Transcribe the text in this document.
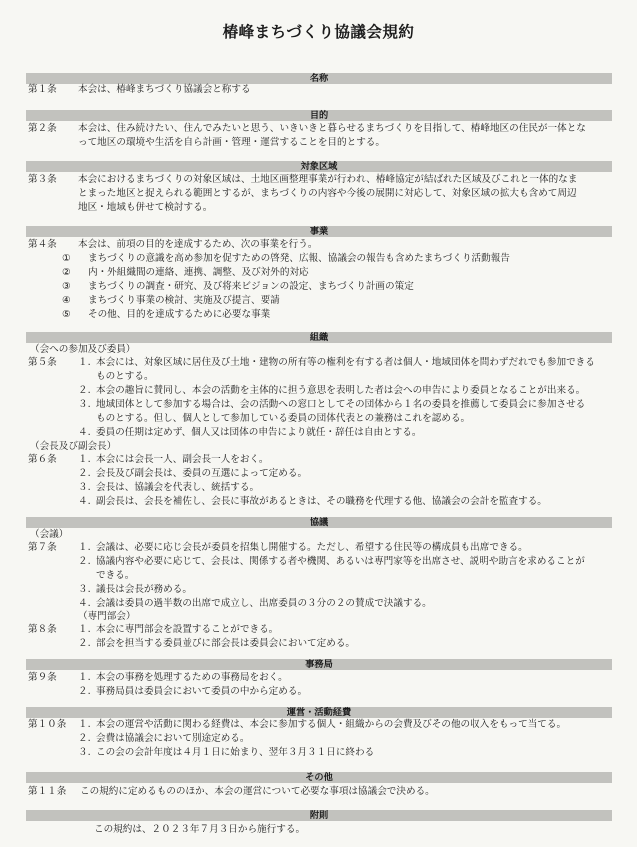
椿峰まちづくり協議会規約
名称
第１条 本会は、椿峰まちづくり協議会と称する
目的
第２条 本会は、住み続けたい、住んでみたいと思う、いきいきと暮らせるまちづくりを目指して、椿峰地区の住民が一体とな
って地区の環境や生活を自ら計画・管理・運営することを目的とする。
対象区域
第３条 本会におけるまちづくりの対象区域は、土地区画整理事業が行われ、椿峰協定が結ばれた区域及びこれと一体的なま
とまった地区と捉えられる範囲とするが、まちづくりの内容や今後の展開に対応して、対象区域の拡大も含めて周辺
地区・地域も併せて検討する。
事業
第４条 本会は、前項の目的を達成するため、次の事業を行う。
① まちづくりの意識を高め参加を促すための啓発、広報、協議会の報告も含めたまちづくり活動報告
② 内・外組織間の連絡、連携、調整、及び対外的対応
③ まちづくりの調査・研究、及び将来ビジョンの設定、まちづくり計画の策定
④ まちづくり事業の検討、実施及び提言、要請
⑤ その他、目的を達成するために必要な事業
組織
（会への参加及び委員）
第５条 １. 本会には、対象区域に居住及び土地・建物の所有等の権利を有する者は個人・地域団体を問わずだれでも参加できる
ものとする。
２. 本会の趣旨に賛同し、本会の活動を主体的に担う意思を表明した者は会への申告により委員となることが出来る。
３. 地域団体として参加する場合は、会の活動への窓口としてその団体から１名の委員を推薦して委員会に参加させる
ものとする。但し、個人として参加している委員の団体代表との兼務はこれを認める。
４. 委員の任期は定めず、個人又は団体の申告により就任・辞任は自由とする。
（会長及び副会長）
第６条 １. 本会には会長一人、副会長一人をおく。
２. 会長及び副会長は、委員の互選によって定める。
３. 会長は、協議会を代表し、統括する。
４. 副会長は、会長を補佐し、会長に事故があるときは、その職務を代理する他、協議会の会計を監査する。
協議
（会議）
第７条 １. 会議は、必要に応じ会長が委員を招集し開催する。ただし、希望する住民等の構成員も出席できる。
２. 協議内容や必要に応じて、会長は、関係する者や機関、あるいは専門家等を出席させ、説明や助言を求めることが
できる。
３. 議長は会長が務める。
４. 会議は委員の過半数の出席で成立し、出席委員の３分の２の賛成で決議する。
（専門部会）
第８条 １. 本会に専門部会を設置することができる。
２. 部会を担当する委員並びに部会長は委員会において定める。
事務局
第９条 １. 本会の事務を処理するための事務局をおく。
２. 事務局員は委員会において委員の中から定める。
運営・活動経費
第１０条 １. 本会の運営や活動に関わる経費は、本会に参加する個人・組織からの会費及びその他の収入をもって当てる。
２. 会費は協議会において別途定める。
３. この会の会計年度は４月１日に始まり、翌年３月３１日に終わる
その他
第１１条 この規約に定めるもののほか、本会の運営について必要な事項は協議会で決める。
附則
この規約は、２０２３年７月３日から施行する。
